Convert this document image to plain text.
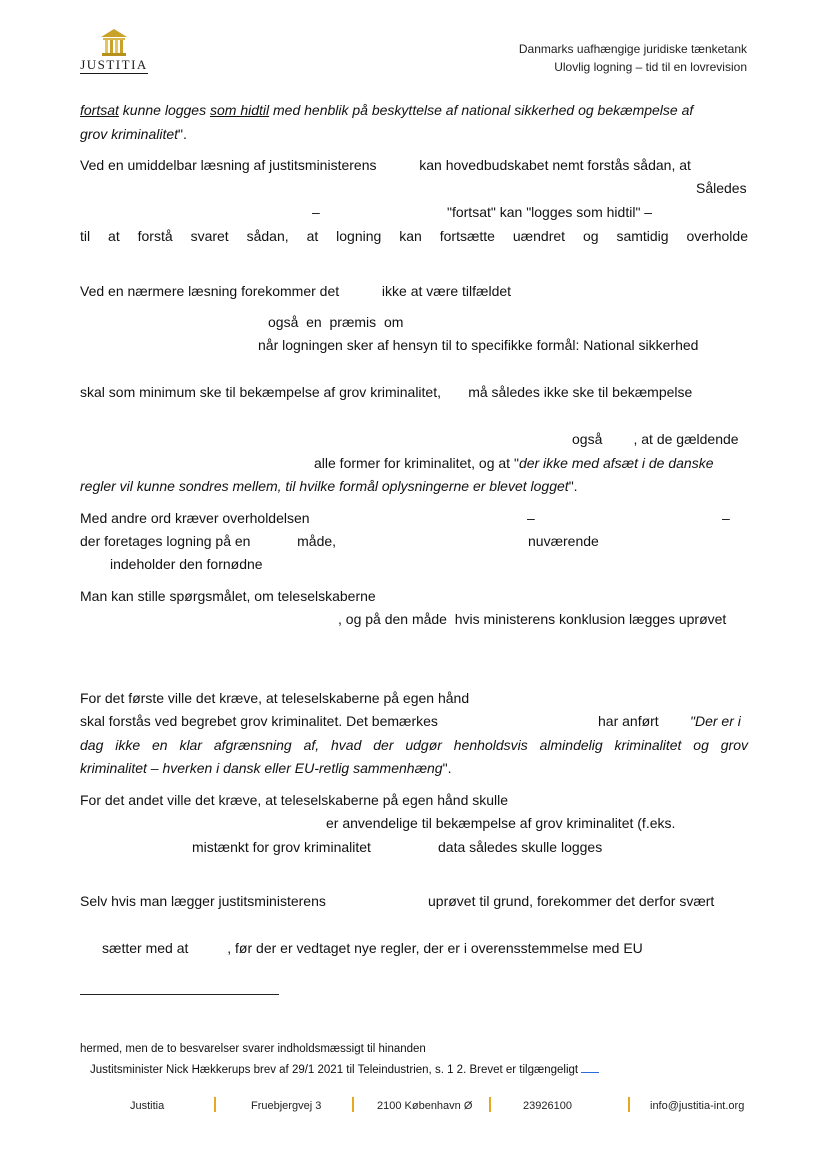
JUSTITIA
Danmarks uafhængige juridiske tænketank
Ulovlig logning – tid til en lovrevision
fortsat kunne logges som hidtil med henblik på beskyttelse af national sikkerhed og bekæmpelse af
grov kriminalitet".
Ved en umiddelbar læsning af justitsministerens           kan hovedbudskabet nemt forstås sådan, at
Således
–	"fortsat" kan "logges som hidtil" –
til at forstå svaret sådan, at logning kan fortsætte uændret og samtidig overholde
Ved en nærmere læsning forekommer det           ikke at være tilfældet
også  en  præmis  om
når logningen sker af hensyn til to specifikke formål: National sikkerhed
skal som minimum ske til bekæmpelse af grov kriminalitet,       må således ikke ske til bekæmpelse
også        , at de gældende
alle former for kriminalitet, og at "der ikke med afsæt i de danske
regler vil kunne sondres mellem, til hvilke formål oplysningerne er blevet logget".
Med andre ord kræver overholdelsen	–	–
der foretages logning på en            måde,	nuværende
indeholder den fornødne
Man kan stille spørgsmålet, om teleselskaberne
, og på den måde  hvis ministerens konklusion lægges uprøvet
For det første ville det kræve, at teleselskaberne på egen hånd
skal forstås ved begrebet grov kriminalitet. Det bemærkes	har anført "Der er i
dag ikke en klar afgrænsning af, hvad der udgør henholdsvis almindelig kriminalitet og grov
kriminalitet – hverken i dansk eller EU-retlig sammenhæng".
For det andet ville det kræve, at teleselskaberne på egen hånd skulle
er anvendelige til bekæmpelse af grov kriminalitet (f.eks.
mistænkt for grov kriminalitet	data således skulle logges
Selv hvis man lægger justitsministerens	uprøvet til grund, forekommer det derfor svært
sætter med at          , før der er vedtaget nye regler, der er i overensstemmelse med EU
hermed, men de to besvarelser svarer indholdsmæssigt til hinanden
Justitsminister Nick Hækkerups brev af 29/1 2021 til Teleindustrien, s. 1 2. Brevet er tilgængeligt
Justitia	Fruebjergvej 3	2100 København Ø	23926100	info@justitia-int.org
